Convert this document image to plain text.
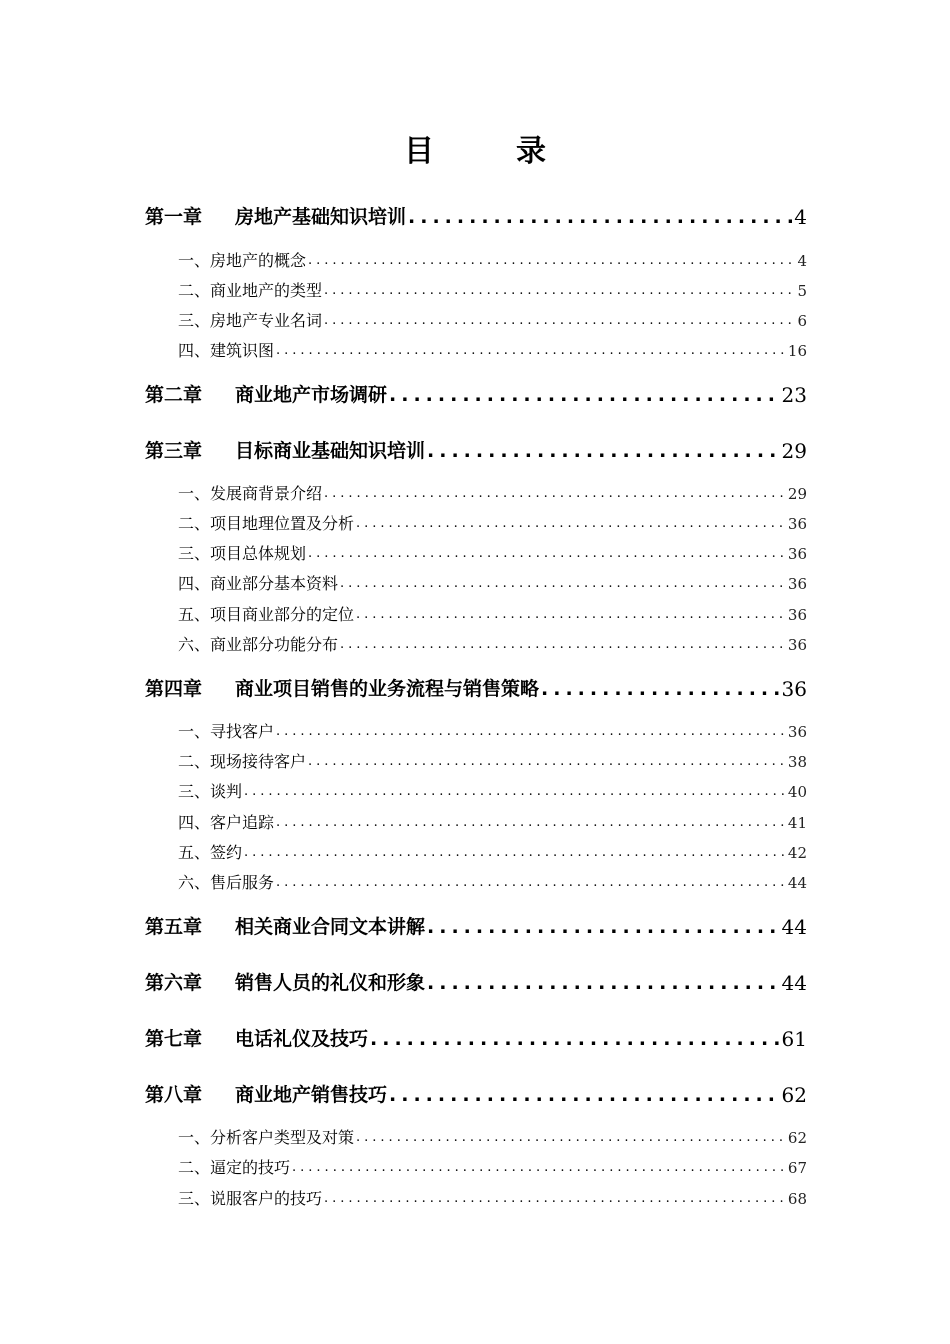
目　录
第一章	房地产基础知识培训 .....	4
一、 房地产的概念 .....	4
二、 商业地产的类型 .....	5
三、 房地产专业名词 .....	6
四、 建筑识图 .....	16
第二章	商业地产市场调研 .....	23
第三章	目标商业基础知识培训 .....	29
一、 发展商背景介绍 .....	29
二、 项目地理位置及分析 .....	36
三、 项目总体规划 .....	36
四、 商业部分基本资料 .....	36
五、 项目商业部分的定位 .....	36
六、 商业部分功能分布 .....	36
第四章	商业项目销售的业务流程与销售策略 .....	36
一、 寻找客户 .....	36
二、 现场接待客户 .....	38
三、 谈判 .....	40
四、 客户追踪 .....	41
五、 签约 .....	42
六、 售后服务 .....	44
第五章	相关商业合同文本讲解 .....	44
第六章	销售人员的礼仪和形象 .....	44
第七章	电话礼仪及技巧 .....	61
第八章	商业地产销售技巧 .....	62
一、 分析客户类型及对策 .....	62
二、 逼定的技巧 .....	67
三、 说服客户的技巧 .....	68
